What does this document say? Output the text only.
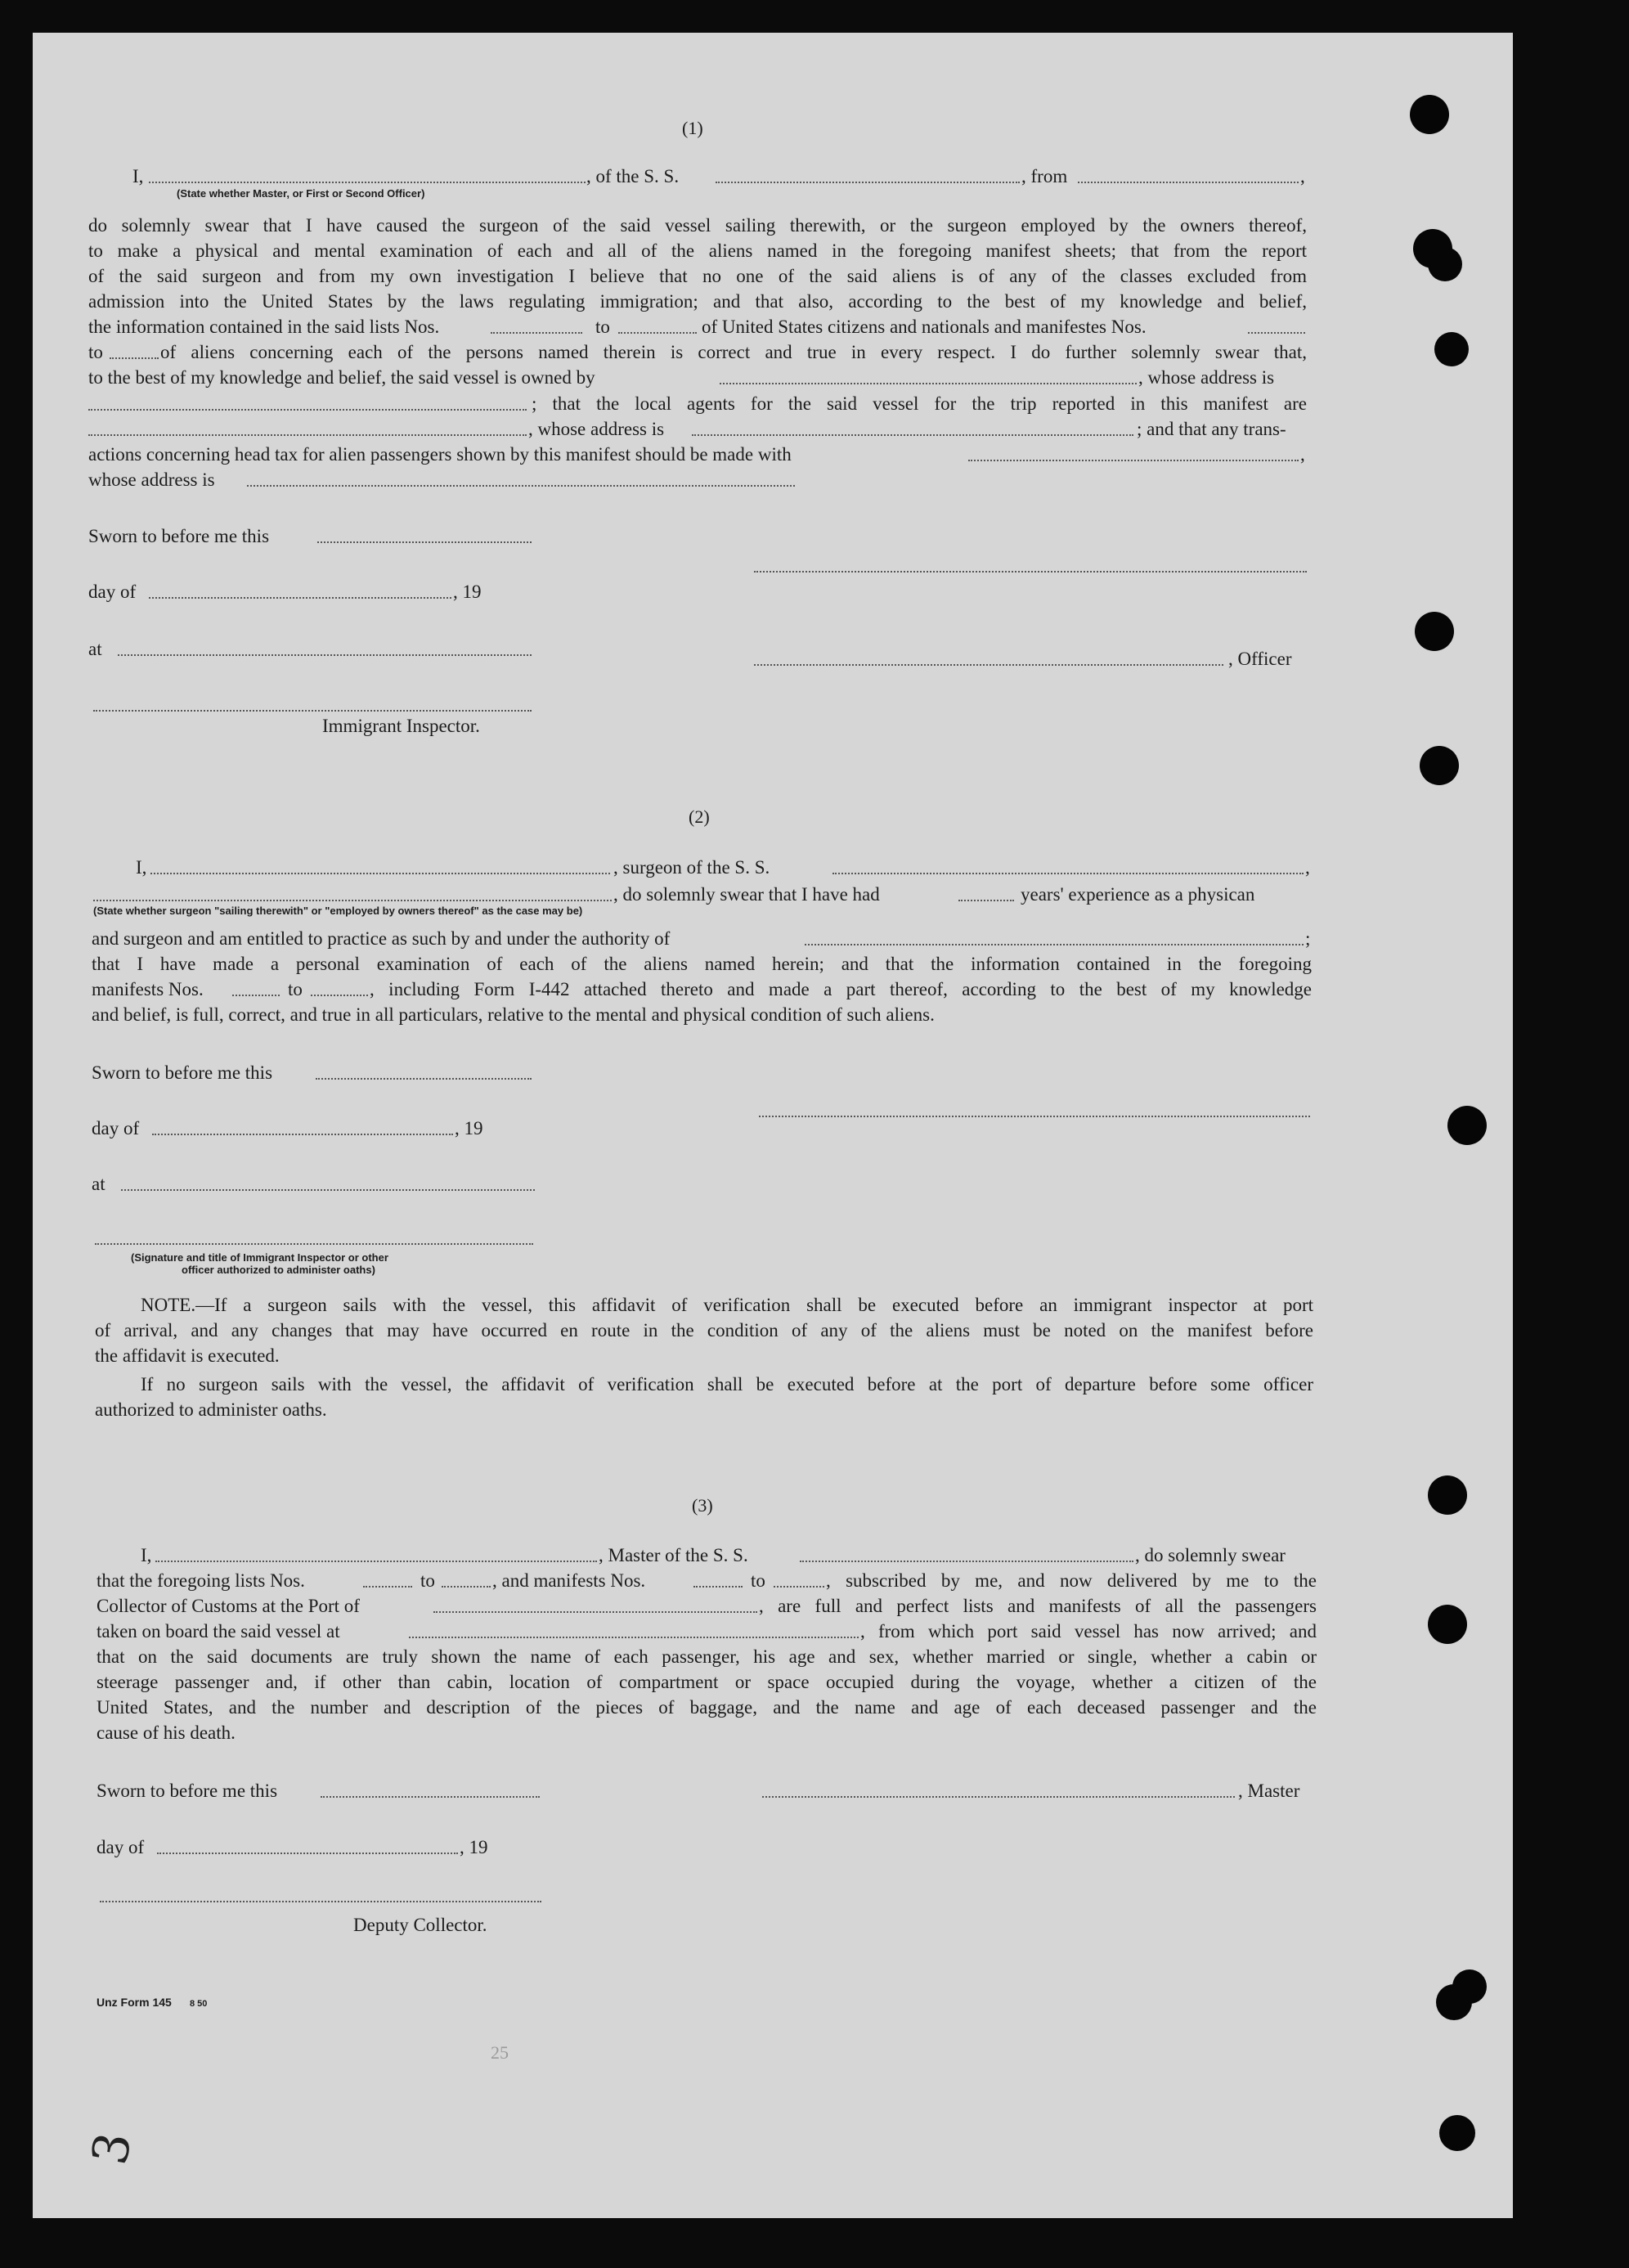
(1)
I,	, of the S. S.	, from	,
(State whether Master, or First or Second Officer)
do solemnly swear that I have caused the surgeon of the said vessel sailing therewith, or the surgeon employed by the owners thereof,
to make a physical and mental examination of each and all of the aliens named in the foregoing manifest sheets; that from the report
of the said surgeon and from my own investigation I believe that no one of the said aliens is of any of the classes excluded from
admission into the United States by the laws regulating immigration; and that also, according to the best of my knowledge and belief,
the information contained in the said lists Nos.	to	of United States citizens and nationals and manifestes Nos.
to	of aliens concerning each of the persons named therein is correct and true in every respect. I do further solemnly swear that,
to the best of my knowledge and belief, the said vessel is owned by	, whose address is
; that the local agents for the said vessel for the trip reported in this manifest are
, whose address is	; and that any trans-
actions concerning head tax for alien passengers shown by this manifest should be made with	,
whose address is
Sworn to before me this
day of	, 19
at	, Officer
Immigrant Inspector.
(2)
I,	, surgeon of the S. S.	,
, do solemnly swear that I have had	years' experience as a physican
(State whether surgeon "sailing therewith" or "employed by owners thereof" as the case may be)
and surgeon and am entitled to practice as such by and under the authority of	;
that I have made a personal examination of each of the aliens named herein; and that the information contained in the foregoing
manifests Nos.	to	, including Form I-442 attached thereto and made a part thereof, according to the best of my knowledge
and belief, is full, correct, and true in all particulars, relative to the mental and physical condition of such aliens.
Sworn to before me this
day of	, 19
at
(Signature and title of Immigrant Inspector or other
officer authorized to administer oaths)
NOTE.—If a surgeon sails with the vessel, this affidavit of verification shall be executed before an immigrant inspector at port
of arrival, and any changes that may have occurred en route in the condition of any of the aliens must be noted on the manifest before
the affidavit is executed.
If no surgeon sails with the vessel, the affidavit of verification shall be executed before at the port of departure before some officer
authorized to administer oaths.
(3)
I,	, Master of the S. S.	, do solemnly swear
that the foregoing lists Nos.	to	, and manifests Nos.	to	, subscribed by me, and now delivered by me to the
Collector of Customs at the Port of	, are full and perfect lists and manifests of all the passengers
taken on board the said vessel at	, from which port said vessel has now arrived; and
that on the said documents are truly shown the name of each passenger, his age and sex, whether married or single, whether a cabin or
steerage passenger and, if other than cabin, location of compartment or space occupied during the voyage, whether a citizen of the
United States, and the number and description of the pieces of baggage, and the name and age of each deceased passenger and the
cause of his death.
Sworn to before me this	, Master
day of	, 19
Deputy Collector.
Unz Form 145 8 50
25
3
